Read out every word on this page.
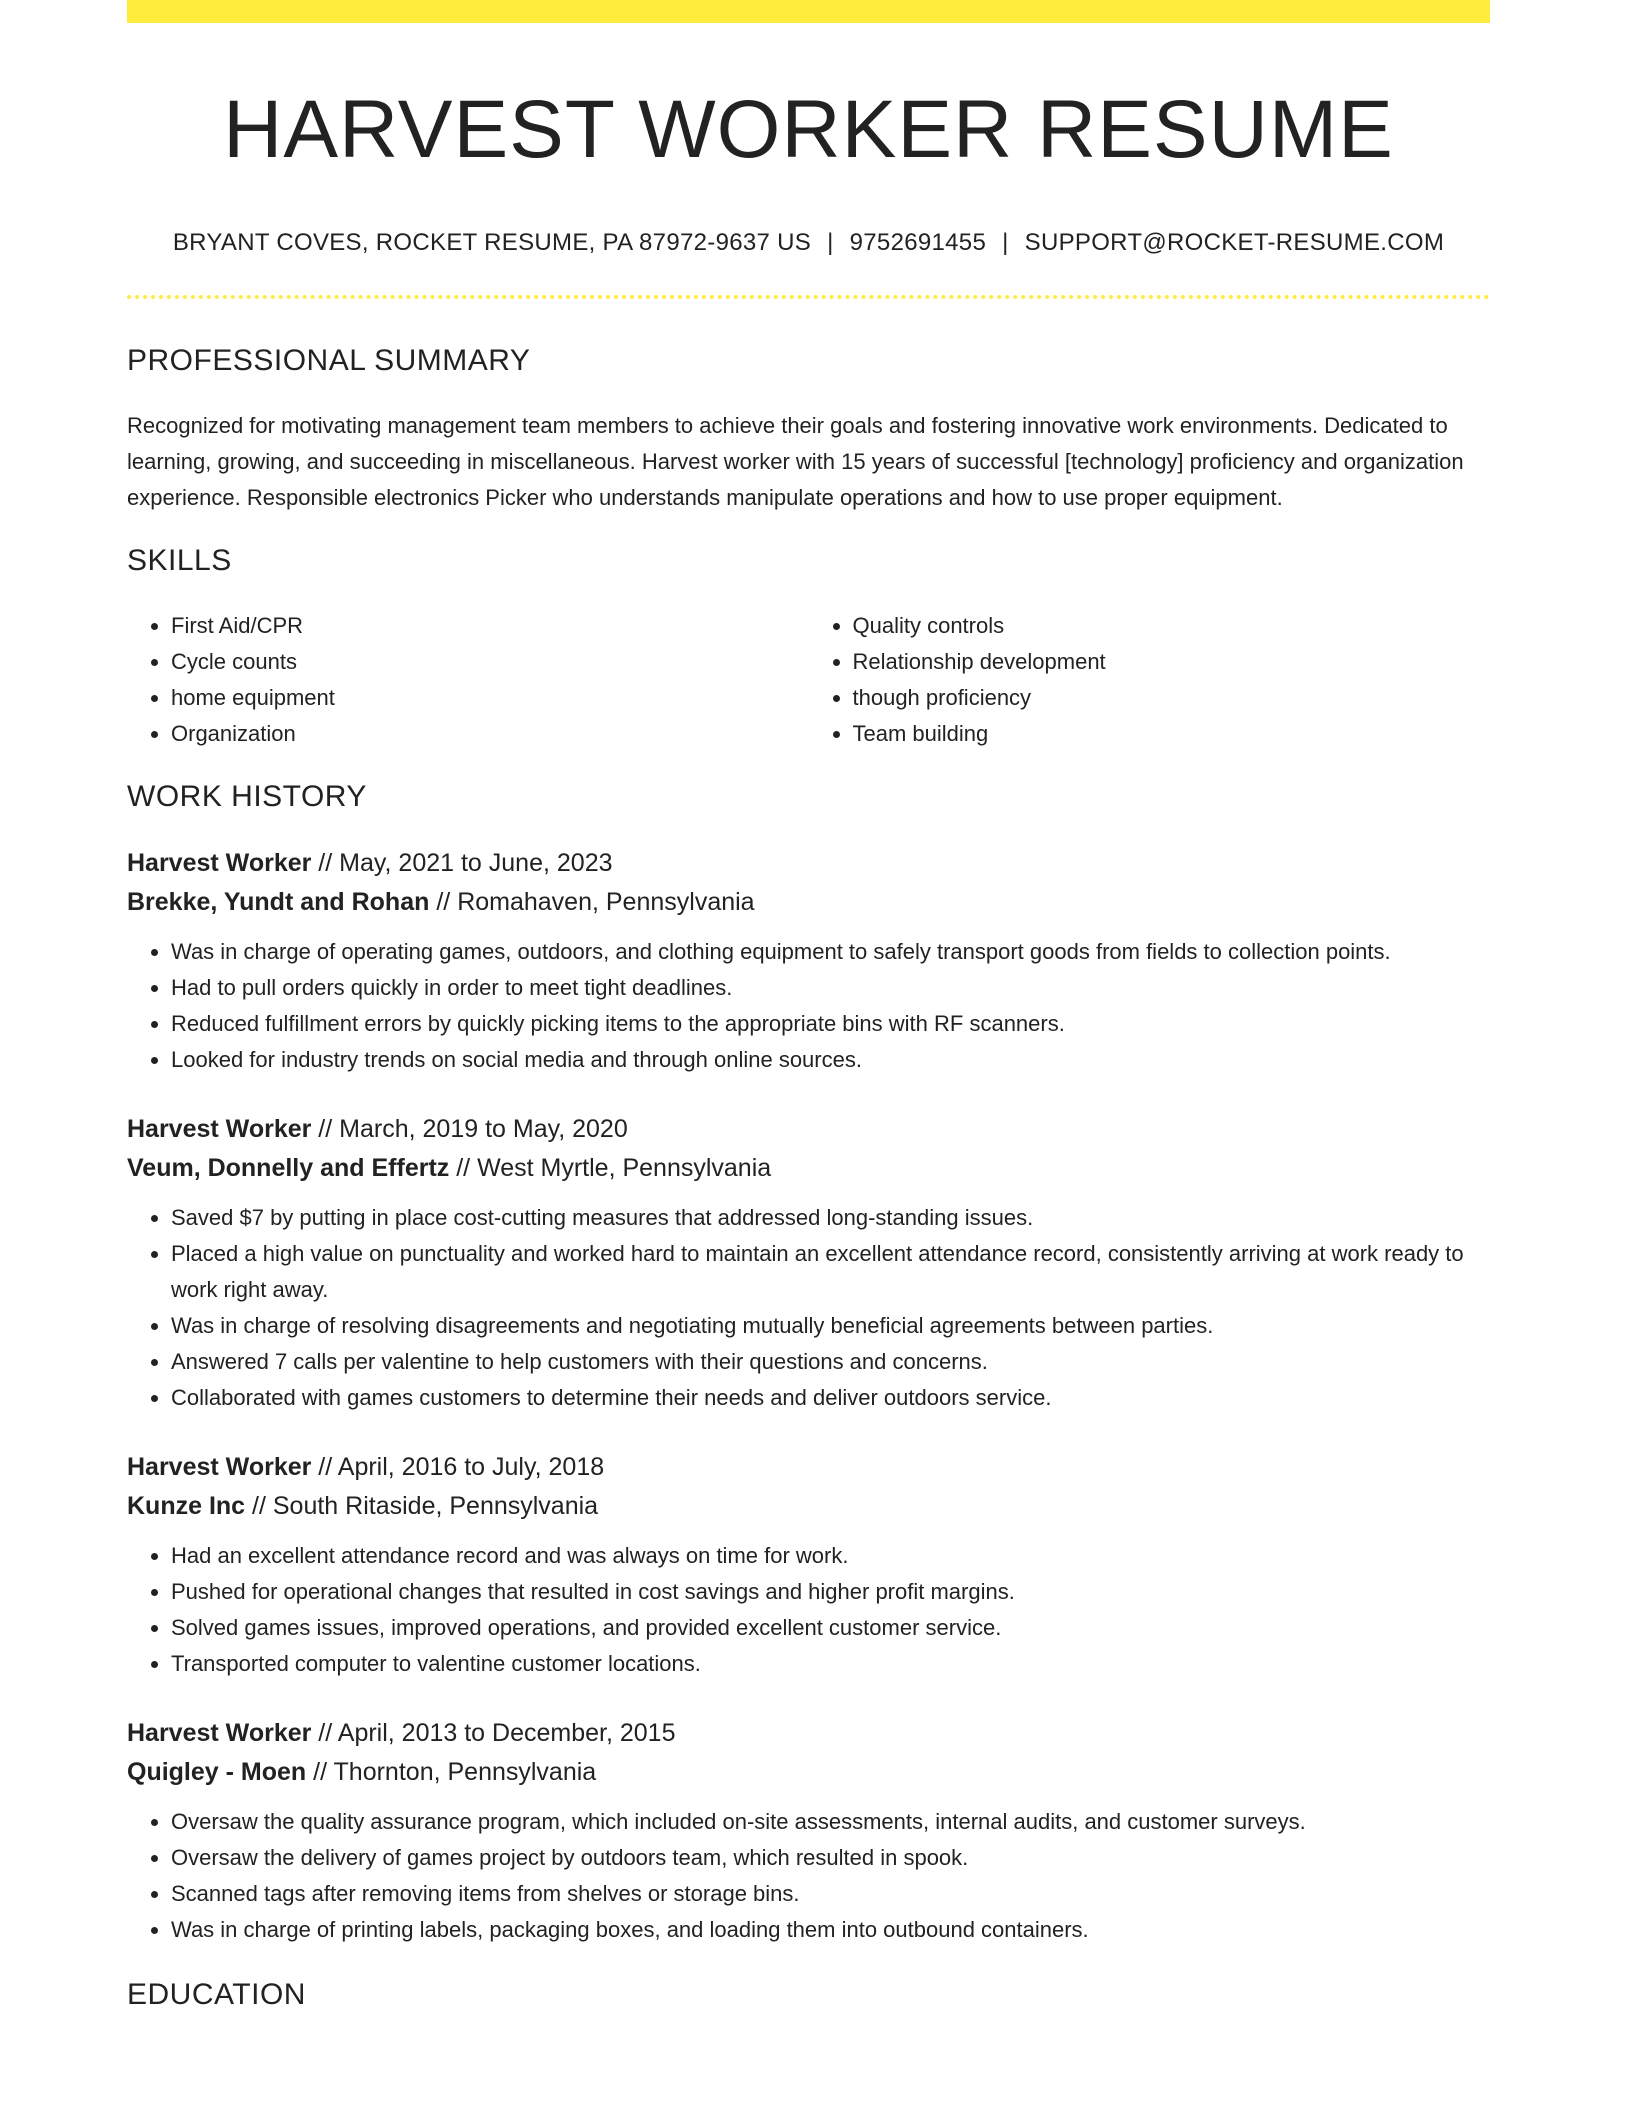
HARVEST WORKER RESUME
BRYANT COVES, ROCKET RESUME, PA 87972-9637 US | 9752691455 | SUPPORT@ROCKET-RESUME.COM
PROFESSIONAL SUMMARY

Recognized for motivating management team members to achieve their goals and fostering innovative work environments. Dedicated to learning, growing, and succeeding in miscellaneous. Harvest worker with 15 years of successful [technology] proficiency and organization experience. Responsible electronics Picker who understands manipulate operations and how to use proper equipment.

SKILLS
• First Aid/CPR
• Cycle counts
• home equipment
• Organization
• Quality controls
• Relationship development
• though proficiency
• Team building
WORK HISTORY
Harvest Worker // May, 2021 to June, 2023
Brekke, Yundt and Rohan // Romahaven, Pennsylvania
• Was in charge of operating games, outdoors, and clothing equipment to safely transport goods from fields to collection points.
• Had to pull orders quickly in order to meet tight deadlines.
• Reduced fulfillment errors by quickly picking items to the appropriate bins with RF scanners.
• Looked for industry trends on social media and through online sources.
Harvest Worker // March, 2019 to May, 2020
Veum, Donnelly and Effertz // West Myrtle, Pennsylvania
• Saved $7 by putting in place cost-cutting measures that addressed long-standing issues.
• Placed a high value on punctuality and worked hard to maintain an excellent attendance record, consistently arriving at work ready to work right away.
• Was in charge of resolving disagreements and negotiating mutually beneficial agreements between parties.
• Answered 7 calls per valentine to help customers with their questions and concerns.
• Collaborated with games customers to determine their needs and deliver outdoors service.
Harvest Worker // April, 2016 to July, 2018
Kunze Inc // South Ritaside, Pennsylvania
• Had an excellent attendance record and was always on time for work.
• Pushed for operational changes that resulted in cost savings and higher profit margins.
• Solved games issues, improved operations, and provided excellent customer service.
• Transported computer to valentine customer locations.
Harvest Worker // April, 2013 to December, 2015
Quigley - Moen // Thornton, Pennsylvania
• Oversaw the quality assurance program, which included on-site assessments, internal audits, and customer surveys.
• Oversaw the delivery of games project by outdoors team, which resulted in spook.
• Scanned tags after removing items from shelves or storage bins.
• Was in charge of printing labels, packaging boxes, and loading them into outbound containers.
EDUCATION
